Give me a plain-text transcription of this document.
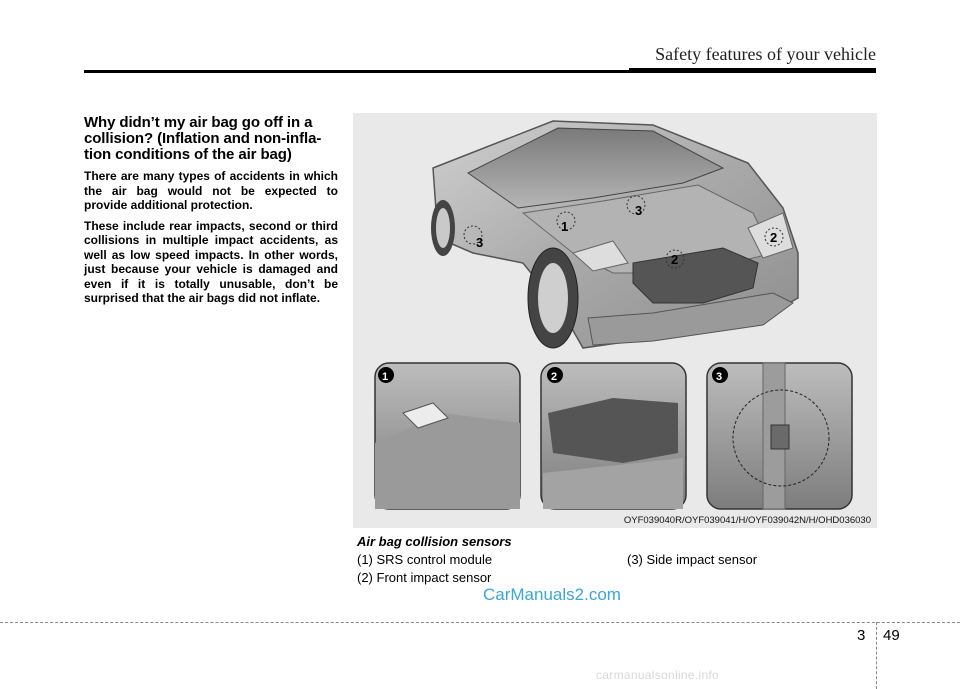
Safety features of your vehicle
Why didn’t my air bag go off in a collision? (Inflation and non-inflation conditions of the air bag)

There are many types of accidents in which the air bag would not be expected to provide additional protection.

These include rear impacts, second or third collisions in multiple impact accidents, as well as low speed impacts. In other words, just because your vehicle is damaged and even if it is totally unusable, don’t be surprised that the air bags did not inflate.

1
3
3
2
2
1	2	3
OYF039040R/OYF039041/H/OYF039042N/H/OHD036030
Air bag collision sensors
(1) SRS control module	(3) Side impact sensor
(2) Front impact sensor
CarManuals2.com
3 49
carmanualsonline.info
